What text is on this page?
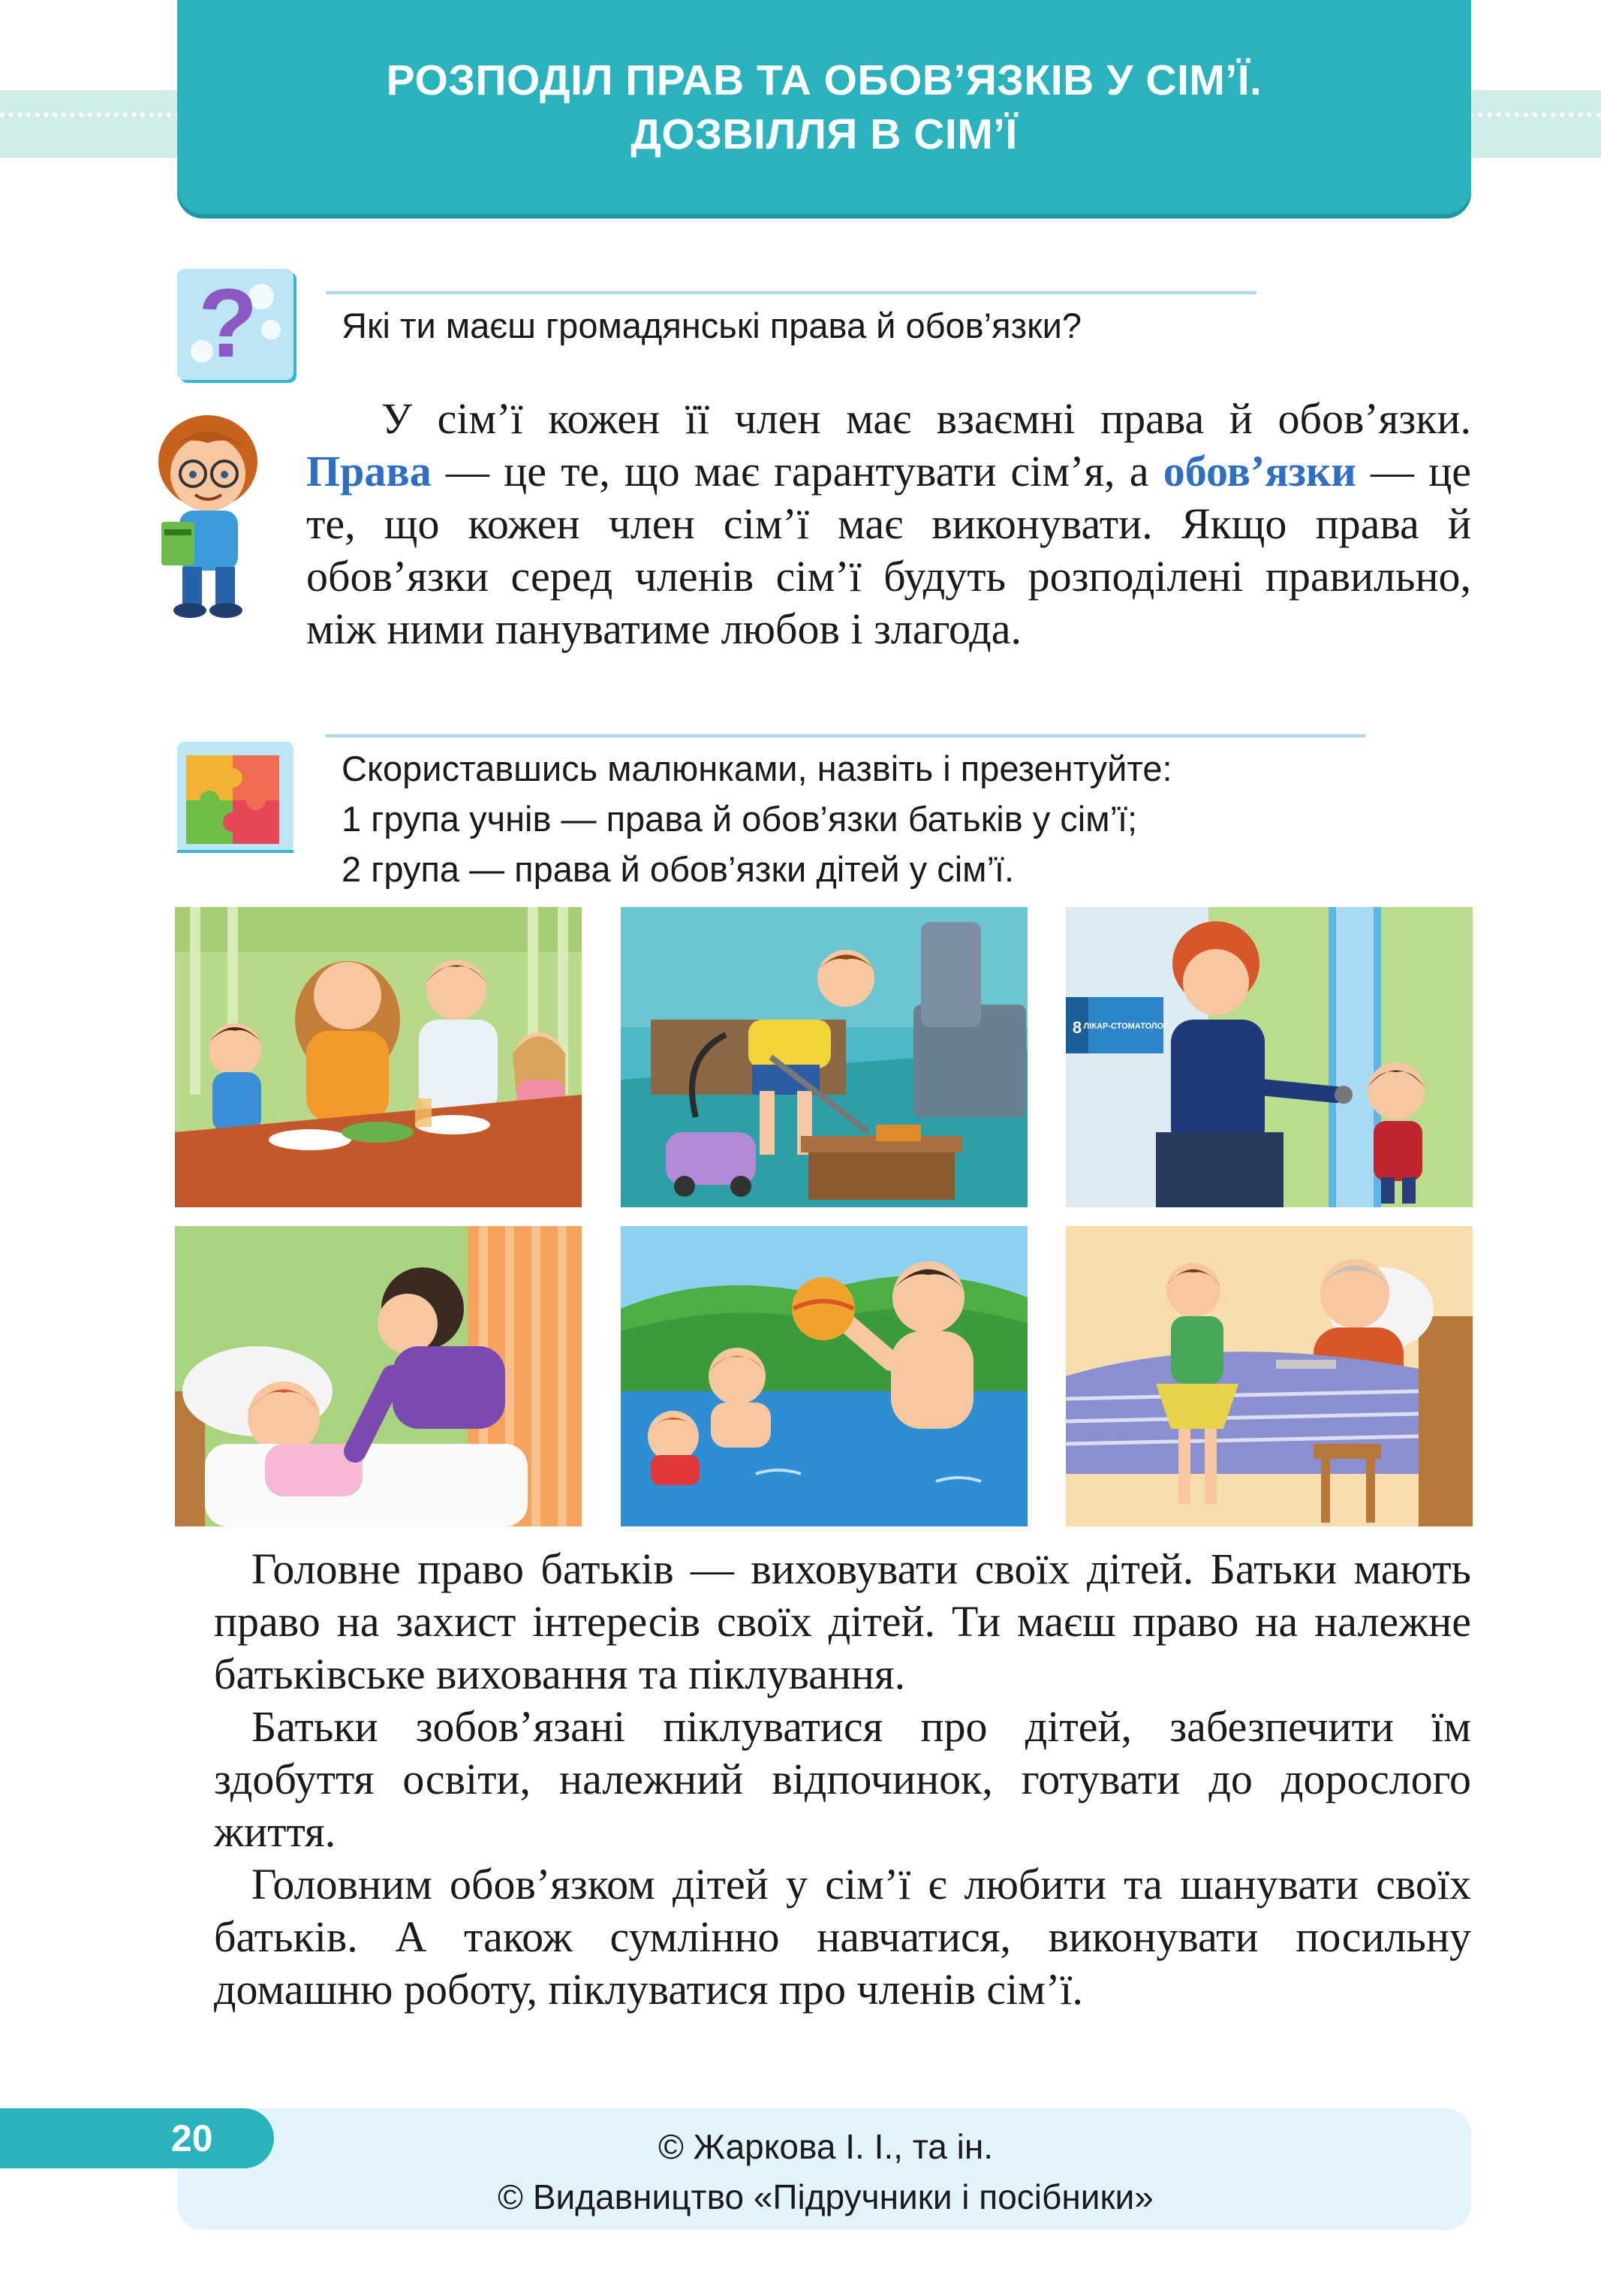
РОЗПОДІЛ ПРАВ ТА ОБОВ’ЯЗКІВ У СІМ’Ї.
ДОЗВІЛЛЯ В СІМ’Ї
? Які ти маєш громадянські права й обов’язки?

У сім’ї кожен її член має взаємні права й обов’язки. Права — це те, що має гарантувати сім’я, а обов’язки — це те, що кожен член сім’ї має виконувати. Якщо права й обов’язки серед членів сім’ї будуть розподілені правильно, між ними пануватиме любов і злагода.

Скориставшись малюнками, назвіть і презентуйте:
1 група учнів — права й обов’язки батьків у сім’ї;
2 група — права й обов’язки дітей у сім’ї.
8 ЛІКАР-СТОМАТОЛОГ

Головне право батьків — виховувати своїх дітей. Батьки мають право на захист інтересів своїх дітей. Ти маєш право на належне батьківське виховання та піклування.

Батьки зобов’язані піклуватися про дітей, забезпечити їм здобуття освіти, належний відпочинок, готувати до дорослого життя.

Головним обов’язком дітей у сім’ї є любити та шанувати своїх батьків. А також сумлінно навчатися, виконувати посильну домашню роботу, піклуватися про членів сім’ї.

20	© Жаркова І. І., та ін.
© Видавництво «Підручники і посібники»
